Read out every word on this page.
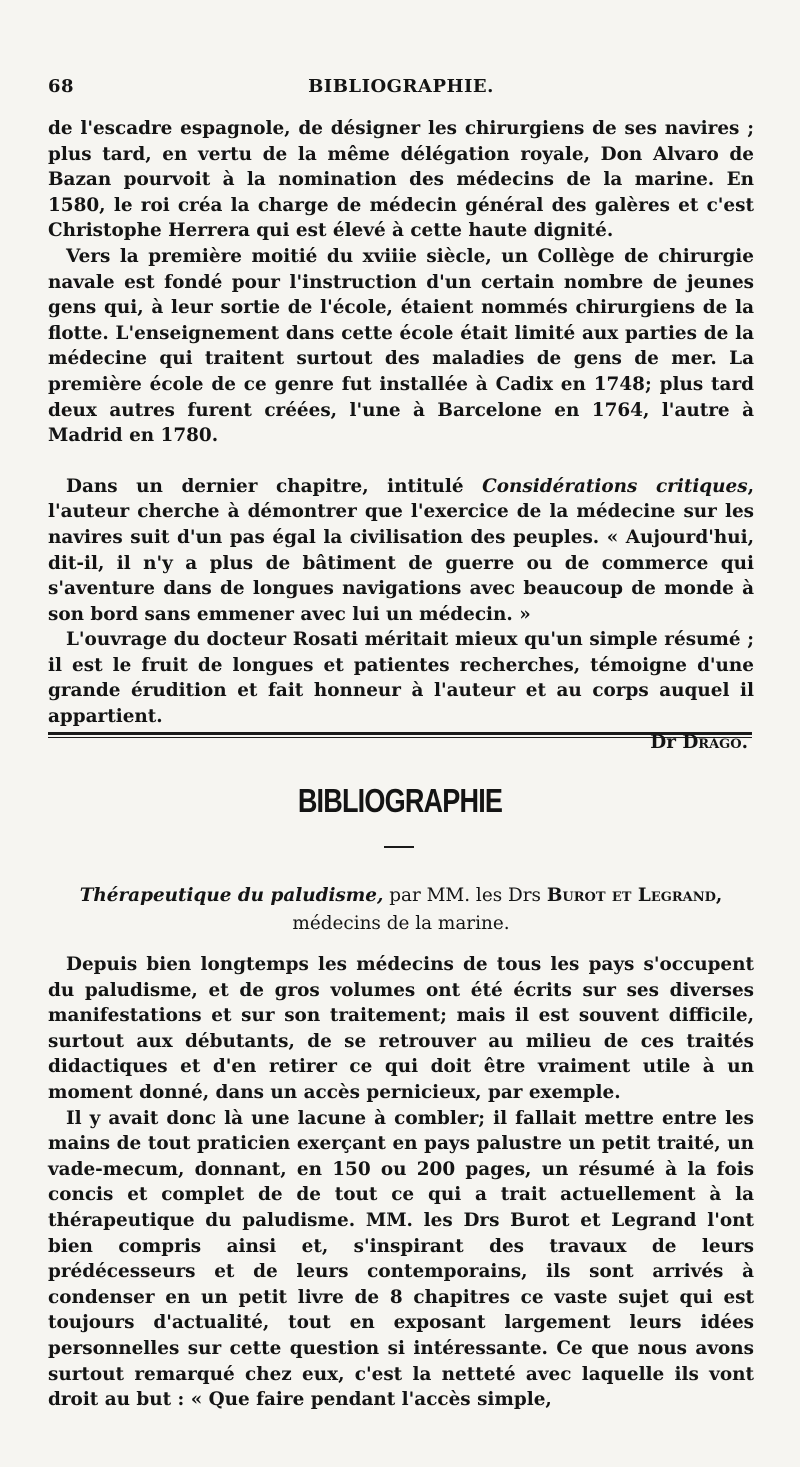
68	BIBLIOGRAPHIE.

de l'escadre espagnole, de désigner les chirurgiens de ses navires ; plus tard, en vertu de la même délégation royale, Don Alvaro de Bazan pourvoit à la nomination des médecins de la marine. En 1580, le roi créa la charge de médecin général des galères et c'est Christophe Herrera qui est élevé à cette haute dignité.

Vers la première moitié du xviiie siècle, un Collège de chirurgie navale est fondé pour l'instruction d'un certain nombre de jeunes gens qui, à leur sortie de l'école, étaient nommés chirurgiens de la flotte. L'enseignement dans cette école était limité aux parties de la médecine qui traitent surtout des maladies de gens de mer. La première école de ce genre fut installée à Cadix en 1748; plus tard deux autres furent créées, l'une à Barcelone en 1764, l'autre à Madrid en 1780.

Dans un dernier chapitre, intitulé Considérations critiques, l'auteur cherche à démontrer que l'exercice de la médecine sur les navires suit d'un pas égal la civilisation des peuples. « Aujourd'hui, dit-il, il n'y a plus de bâtiment de guerre ou de commerce qui s'aventure dans de longues navigations avec beaucoup de monde à son bord sans emmener avec lui un médecin. »

L'ouvrage du docteur Rosati méritait mieux qu'un simple résumé ; il est le fruit de longues et patientes recherches, témoigne d'une grande érudition et fait honneur à l'auteur et au corps auquel il appartient.

Dr Drago.

BIBLIOGRAPHIE
Thérapeutique du paludisme, par MM. les Drs Burot et Legrand,
médecins de la marine.

Depuis bien longtemps les médecins de tous les pays s'occupent du paludisme, et de gros volumes ont été écrits sur ses diverses manifestations et sur son traitement; mais il est souvent difficile, surtout aux débutants, de se retrouver au milieu de ces traités didactiques et d'en retirer ce qui doit être vraiment utile à un moment donné, dans un accès pernicieux, par exemple.

Il y avait donc là une lacune à combler; il fallait mettre entre les mains de tout praticien exerçant en pays palustre un petit traité, un vade-mecum, donnant, en 150 ou 200 pages, un résumé à la fois concis et complet de de tout ce qui a trait actuellement à la thérapeutique du paludisme. MM. les Drs Burot et Legrand l'ont bien compris ainsi et, s'inspirant des travaux de leurs prédécesseurs et de leurs contemporains, ils sont arrivés à condenser en un petit livre de 8 chapitres ce vaste sujet qui est toujours d'actualité, tout en exposant largement leurs idées personnelles sur cette question si intéressante. Ce que nous avons surtout remarqué chez eux, c'est la netteté avec laquelle ils vont droit au but : « Que faire pendant l'accès simple,
